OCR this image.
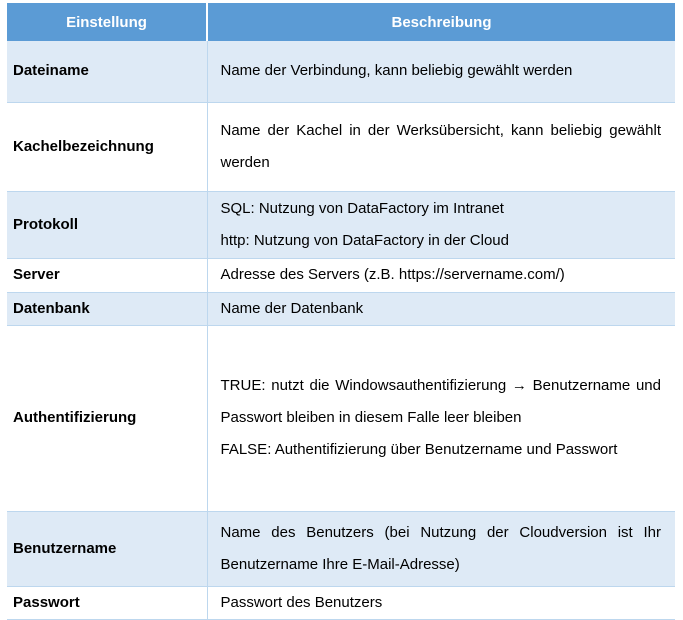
Einstellung	Beschreibung
Dateiname	Name der Verbindung, kann beliebig gewählt werden

Kachelbezeichnung	Name der Kachel in der Werksübersicht, kann beliebig gewählt werden

Protokoll	SQL: Nutzung von DataFactory im Intranet
http: Nutzung von DataFactory in der Cloud

Server	Adresse des Servers (z.B. https://servername.com/)

Datenbank	Name der Datenbank

Authentifizierung	TRUE: nutzt die Windowsauthentifizierung → Benutzername und Passwort bleiben in diesem Falle leer bleiben
FALSE: Authentifizierung über Benutzername und Passwort

Benutzername	Name des Benutzers (bei Nutzung der Cloudversion ist Ihr Benutzername Ihre E-Mail-Adresse)

Passwort	Passwort des Benutzers
